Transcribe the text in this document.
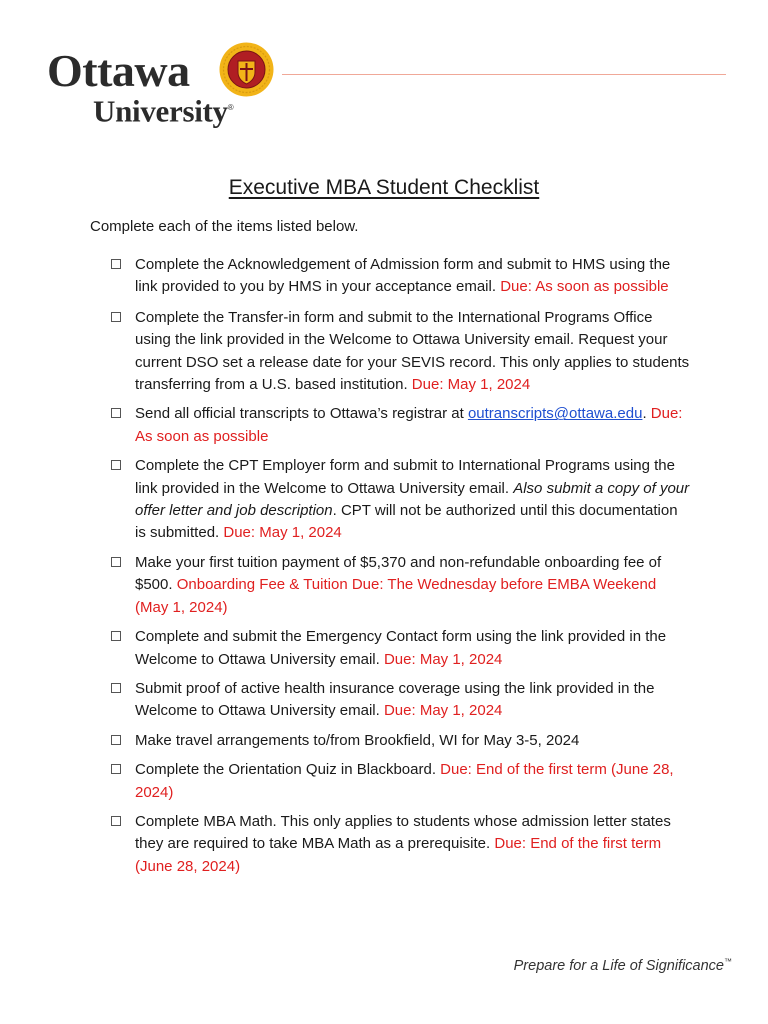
Ottawa
University®
Executive MBA Student Checklist
Complete each of the items listed below.
Complete the Acknowledgement of Admission form and submit to HMS using the link provided to you by HMS in your acceptance email. Due: As soon as possible
Complete the Transfer-in form and submit to the International Programs Office using the link provided in the Welcome to Ottawa University email. Request your current DSO set a release date for your SEVIS record. This only applies to students transferring from a U.S. based institution. Due: May 1, 2024
Send all official transcripts to Ottawa’s registrar at outranscripts@ottawa.edu. Due: As soon as possible
Complete the CPT Employer form and submit to International Programs using the link provided in the Welcome to Ottawa University email. Also submit a copy of your offer letter and job description. CPT will not be authorized until this documentation is submitted. Due: May 1, 2024
Make your first tuition payment of $5,370 and non-refundable onboarding fee of $500. Onboarding Fee & Tuition Due: The Wednesday before EMBA Weekend (May 1, 2024)
Complete and submit the Emergency Contact form using the link provided in the Welcome to Ottawa University email. Due: May 1, 2024
Submit proof of active health insurance coverage using the link provided in the Welcome to Ottawa University email. Due: May 1, 2024
Make travel arrangements to/from Brookfield, WI for May 3-5, 2024
Complete the Orientation Quiz in Blackboard. Due: End of the first term (June 28, 2024)
Complete MBA Math. This only applies to students whose admission letter states they are required to take MBA Math as a prerequisite. Due: End of the first term (June 28, 2024)
Prepare for a Life of Significance™
